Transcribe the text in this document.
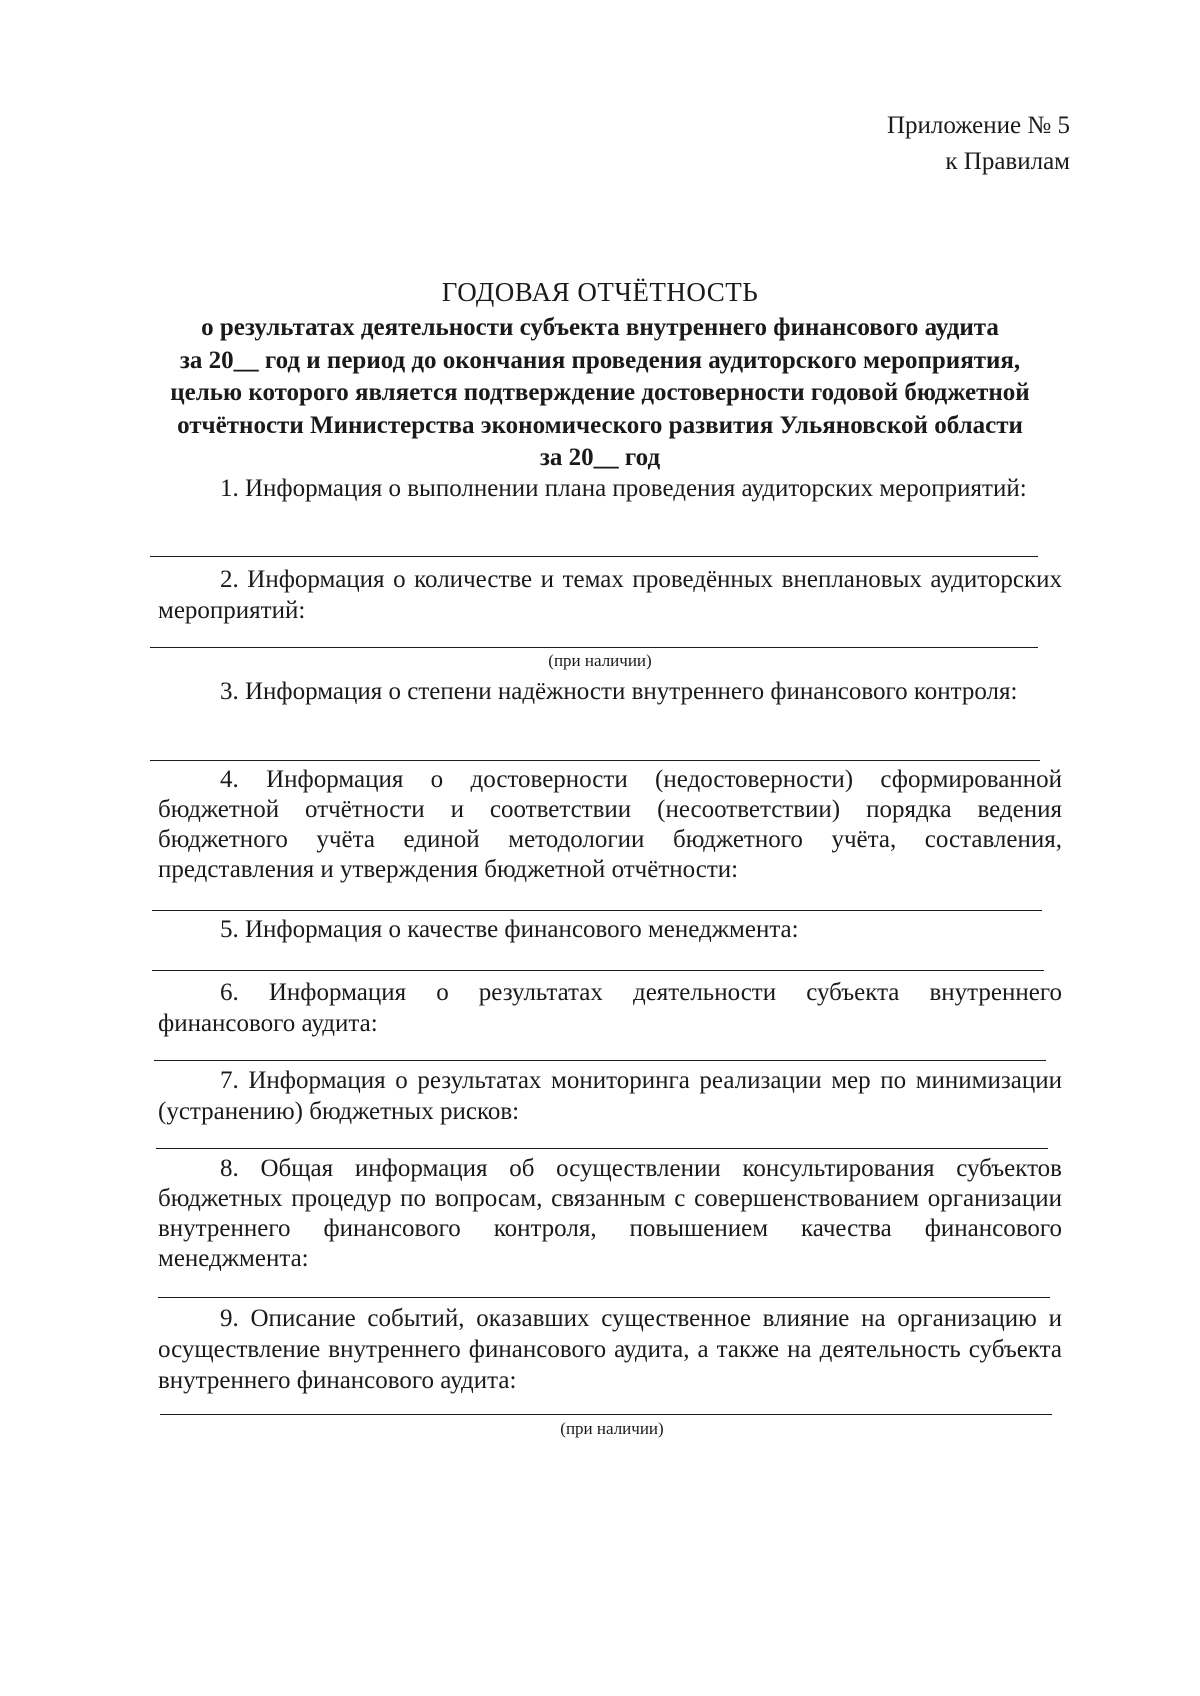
Приложение № 5
к Правилам
ГОДОВАЯ ОТЧЁТНОСТЬ
о результатах деятельности субъекта внутреннего финансового аудита
за 20__ год и период до окончания проведения аудиторского мероприятия,
целью которого является подтверждение достоверности годовой бюджетной
отчётности Министерства экономического развития Ульяновской области
за 20__ год
1. Информация о выполнении плана проведения аудиторских мероприятий:
2. Информация о количестве и темах проведённых внеплановых аудиторских мероприятий:
(при наличии)
3. Информация о степени надёжности внутреннего финансового контроля:
4. Информация о достоверности (недостоверности) сформированной бюджетной отчётности и соответствии (несоответствии) порядка ведения бюджетного учёта единой методологии бюджетного учёта, составления, представления и утверждения бюджетной отчётности:
5. Информация о качестве финансового менеджмента:
6. Информация о результатах деятельности субъекта внутреннего финансового аудита:
7. Информация о результатах мониторинга реализации мер по минимизации (устранению) бюджетных рисков:
8. Общая информация об осуществлении консультирования субъектов бюджетных процедур по вопросам, связанным с совершенствованием организации внутреннего финансового контроля, повышением качества финансового менеджмента:
9. Описание событий, оказавших существенное влияние на организацию и осуществление внутреннего финансового аудита, а также на деятельность субъекта внутреннего финансового аудита:
(при наличии)
